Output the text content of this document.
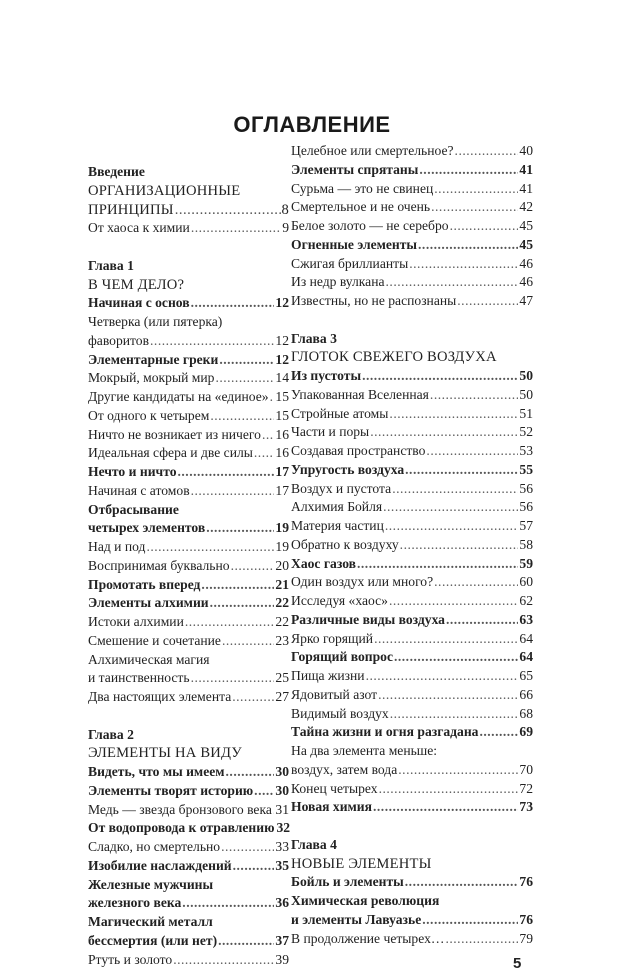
ОГЛАВЛЕНИЕ
Введение
ОРГАНИЗАЦИОННЫЕ
ПРИНЦИПЫ .....	8
От хаоса к химии .....	9
Глава 1
В ЧЕМ ДЕЛО?
Начиная с основ .....	12
Четверка (или пятерка)
фаворитов .....	12
Элементарные греки .....	12
Мокрый, мокрый мир .....	14
Другие кандидаты на «единое» ..... 15
От одного к четырем .....	15
Ничто не возникает из ничего ..... 16
Идеальная сфера и две силы ..... 16
Нечто и ничто .....	17
Начиная с атомов .....	17
Отбрасывание
четырех элементов .....	19
Над и под .....	19
Воспринимая буквально .....	20
Промотать вперед .....	21
Элементы алхимии .....	22
Истоки алхимии .....	22
Смешение и сочетание .....	23
Алхимическая магия
и таинственность .....	25
Два настоящих элемента .....	27
Глава 2
ЭЛЕМЕНТЫ НА ВИДУ
Видеть, что мы имеем .....	30
Элементы творят историю ..... 30
Медь — звезда бронзового века ..... 31
От водопровода к отравлению 32
Сладко, но смертельно .....	33
Изобилие наслаждений .....	35
Железные мужчины
железного века .....	36
Магический металл
бессмертия (или нет) .....	37
Ртуть и золото .....	39
Целебное или смертельное? .....	40
Элементы спрятаны .....	41
Сурьма — это не свинец .....	41
Смертельное и не очень .....	42
Белое золото — не серебро .....	45
Огненные элементы .....	45
Сжигая бриллианты .....	46
Из недр вулкана .....	46
Известны, но не распознаны .....	47
Глава 3
ГЛОТОК СВЕЖЕГО ВОЗДУХА
Из пустоты .....	50
Упакованная Вселенная .....	50
Стройные атомы .....	51
Части и поры .....	52
Создавая пространство .....	53
Упругость воздуха .....	55
Воздух и пустота .....	56
Алхимия Бойля .....	56
Материя частиц .....	57
Обратно к воздуху .....	58
Хаос газов .....	59
Один воздух или много? .....	60
Исследуя «хаос» .....	62
Различные виды воздуха .....	63
Ярко горящий .....	64
Горящий вопрос .....	64
Пища жизни .....	65
Ядовитый азот .....	66
Видимый воздух .....	68
Тайна жизни и огня разгадана .....	69
На два элемента меньше:
воздух, затем вода .....	70
Конец четырех .....	72
Новая химия .....	73
Глава 4
НОВЫЕ ЭЛЕМЕНТЫ
Бойль и элементы .....	76
Химическая революция
и элементы Лавуазье .....	76
В продолжение четырех… .....	79
5
